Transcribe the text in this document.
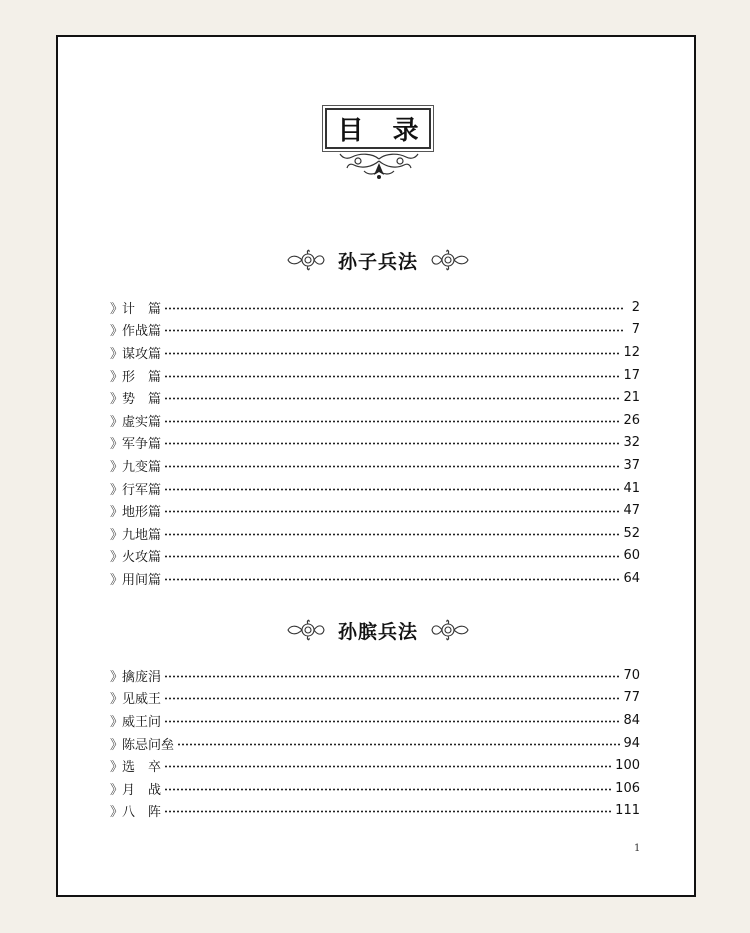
目 录
孙子兵法
》 计　篇	2
》 作战篇	7
》 谋攻篇	12
》 形　篇	17
》 势　篇	21
》 虚实篇	26
》 军争篇	32
》 九变篇	37
》 行军篇	41
》 地形篇	47
》 九地篇	52
》 火攻篇	60
》 用间篇	64
孙膑兵法
》 擒庞涓	70
》 见威王	77
》 威王问	84
》 陈忌问垒	94
》 选　卒	100
》 月　战	106
》 八　阵	111
1
